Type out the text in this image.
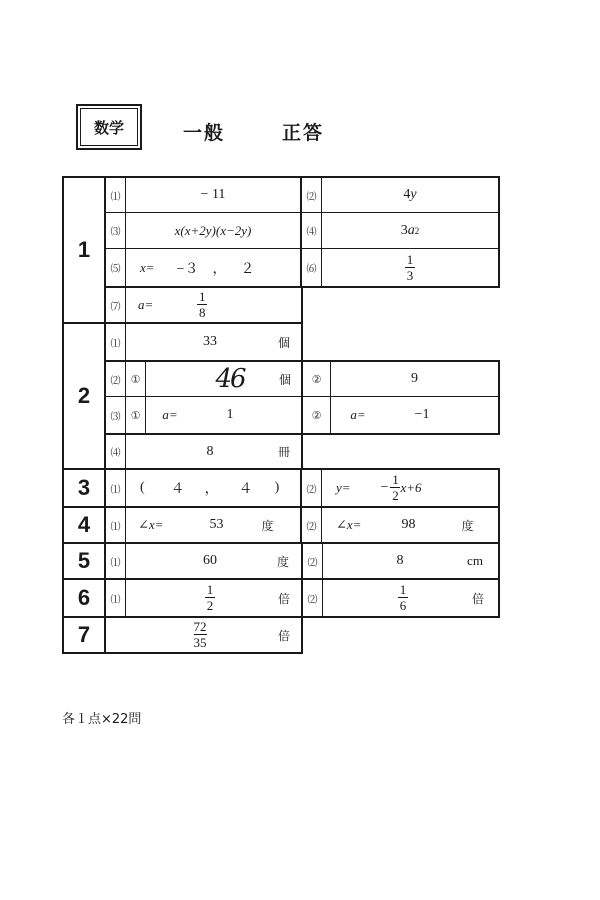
数学	一般	正答
1
⑴	− 11	⑵	4 y
⑶	x(x+2y)(x−2y)	⑷	3 a 2
⑸	x= −３ ， ２	⑹	$\frac{1}{3}$
⑺	a=	$\frac{1}{8}$
2
⑴	33	個
⑵ ①	46	個	②	9
⑶ ①	a=	1	②	a=	−1
⑷	8	冊
3	⑴	( ４ ， ４ )	⑵	$y= - \frac{1}{2} x+6$
4	⑴	∠x=	53	度	⑵	∠x=	98	度
5	⑴	60	度	⑵	8	cm
6	⑴	$\frac{1}{2}$	倍	⑵	$\frac{1}{6}$	倍
7	$\frac{72}{35}$	倍
各１点×22問
